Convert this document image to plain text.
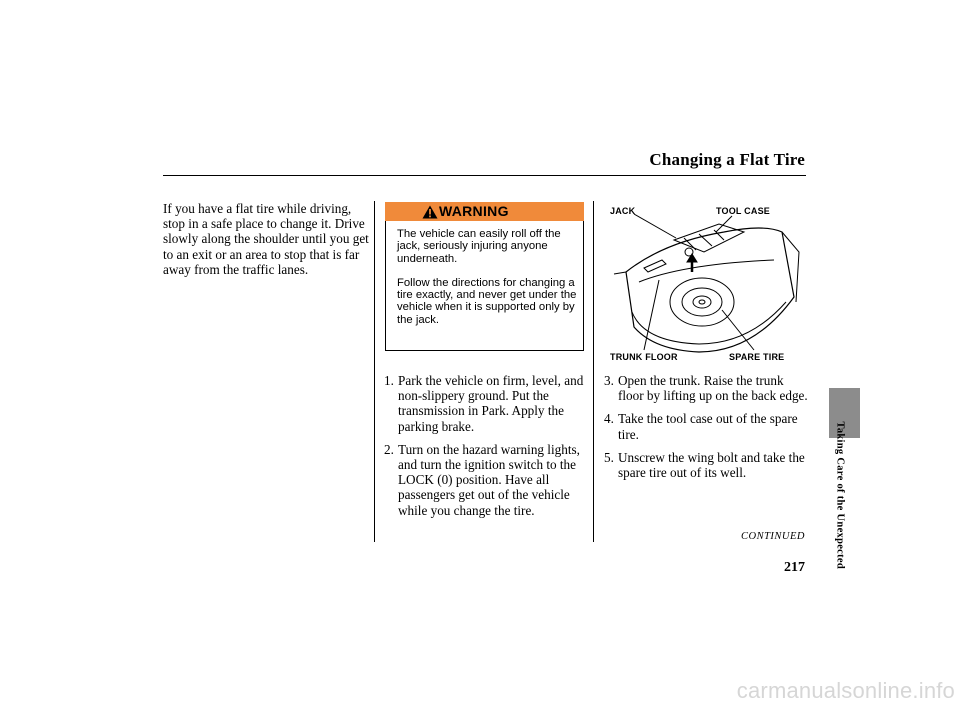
Changing a Flat Tire
If you have a flat tire while driving, stop in a safe place to change it. Drive slowly along the shoulder until you get to an exit or an area to stop that is far away from the traffic lanes.
WARNING

The vehicle can easily roll off the jack, seriously injuring anyone underneath.

Follow the directions for changing a tire exactly, and never get under the vehicle when it is supported only by the jack.

1. Park the vehicle on firm, level, and non-slippery ground. Put the transmission in Park. Apply the parking brake.
2. Turn on the hazard warning lights, and turn the ignition switch to the LOCK (0) position. Have all passengers get out of the vehicle while you change the tire.
JACK	TOOL CASE
TRUNK FLOOR	SPARE TIRE
3. Open the trunk. Raise the trunk floor by lifting up on the back edge.
4. Take the tool case out of the spare tire.
5. Unscrew the wing bolt and take the spare tire out of its well.
CONTINUED
217	Taking Care of the Unexpected
carmanualsonline.info
